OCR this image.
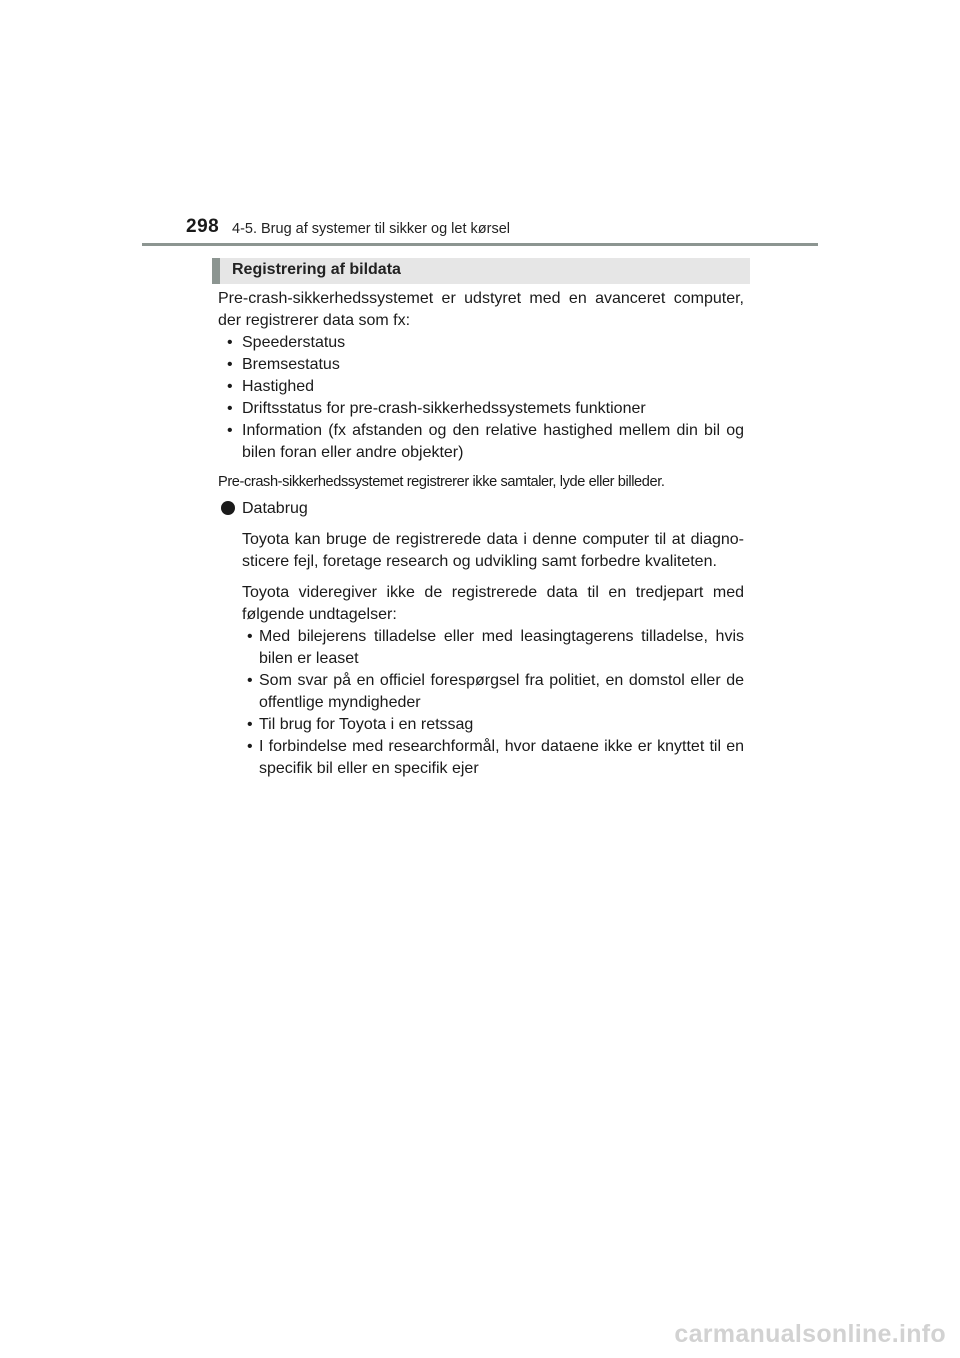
298 4-5. Brug af systemer til sikker og let kørsel
Registrering af bildata

Pre-crash-sikkerhedssystemet er udstyret med en avanceret computer, der registrerer data som fx:

• Speederstatus
• Bremsestatus
• Hastighed
• Driftsstatus for pre-crash-sikkerhedssystemets funktioner
• Information (fx afstanden og den relative hastighed mellem din bil og bilen foran eller andre objekter)

Pre-crash-sikkerhedssystemet registrerer ikke samtaler, lyde eller billeder.

Databrug

Toyota kan bruge de registrerede data i denne computer til at diagno-sticere fejl, foretage research og udvikling samt forbedre kvaliteten.

Toyota videregiver ikke de registrerede data til en tredjepart med følgende undtagelser:

• Med bilejerens tilladelse eller med leasingtagerens tilladelse, hvis bilen er leaset
• Som svar på en officiel forespørgsel fra politiet, en domstol eller de offentlige myndigheder
• Til brug for Toyota i en retssag
• I forbindelse med researchformål, hvor dataene ikke er knyttet til en specifik bil eller en specifik ejer
carmanualsonline.info
